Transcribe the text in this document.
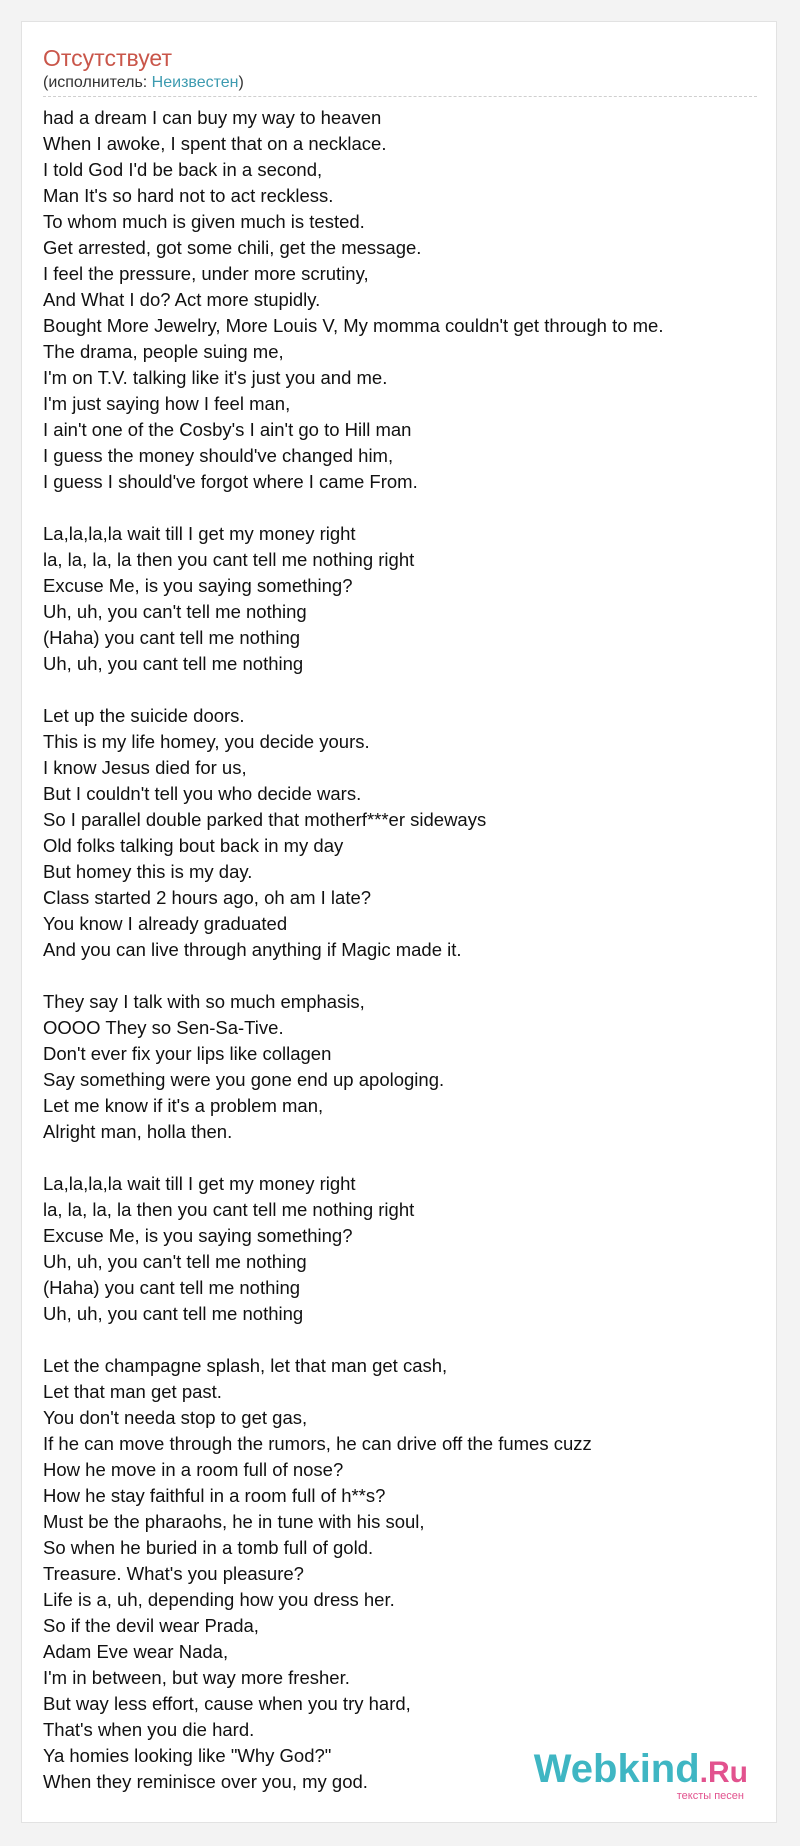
Отсутствует
(исполнитель: Неизвестен)
had a dream I can buy my way to heaven
When I awoke, I spent that on a necklace.
I told God I'd be back in a second,
Man It's so hard not to act reckless.
To whom much is given much is tested.
Get arrested, got some chili, get the message.
I feel the pressure, under more scrutiny,
And What I do? Act more stupidly.
Bought More Jewelry, More Louis V, My momma couldn't get through to me.
The drama, people suing me,
I'm on T.V. talking like it's just you and me.
I'm just saying how I feel man,
I ain't one of the Cosby's I ain't go to Hill man
I guess the money should've changed him,
I guess I should've forgot where I came From.
La,la,la,la wait till I get my money right
la, la, la, la then you cant tell me nothing right
Excuse Me, is you saying something?
Uh, uh, you can't tell me nothing
(Haha) you cant tell me nothing
Uh, uh, you cant tell me nothing
Let up the suicide doors.
This is my life homey, you decide yours.
I know Jesus died for us,
But I couldn't tell you who decide wars.
So I parallel double parked that motherf***er sideways
Old folks talking bout back in my day
But homey this is my day.
Class started 2 hours ago, oh am I late?
You know I already graduated
And you can live through anything if Magic made it.
They say I talk with so much emphasis,
OOOO They so Sen-Sa-Tive.
Don't ever fix your lips like collagen
Say something were you gone end up apologing.
Let me know if it's a problem man,
Alright man, holla then.
La,la,la,la wait till I get my money right
la, la, la, la then you cant tell me nothing right
Excuse Me, is you saying something?
Uh, uh, you can't tell me nothing
(Haha) you cant tell me nothing
Uh, uh, you cant tell me nothing
Let the champagne splash, let that man get cash,
Let that man get past.
You don't needa stop to get gas,
If he can move through the rumors, he can drive off the fumes cuzz
How he move in a room full of nose?
How he stay faithful in a room full of h**s?
Must be the pharaohs, he in tune with his soul,
So when he buried in a tomb full of gold.
Treasure. What's you pleasure?
Life is a, uh, depending how you dress her.
So if the devil wear Prada,
Adam Eve wear Nada,
I'm in between, but way more fresher.
But way less effort, cause when you try hard,
That's when you die hard.
Ya homies looking like "Why God?"
When they reminisce over you, my god.	Webkind.Ru
тексты песен
